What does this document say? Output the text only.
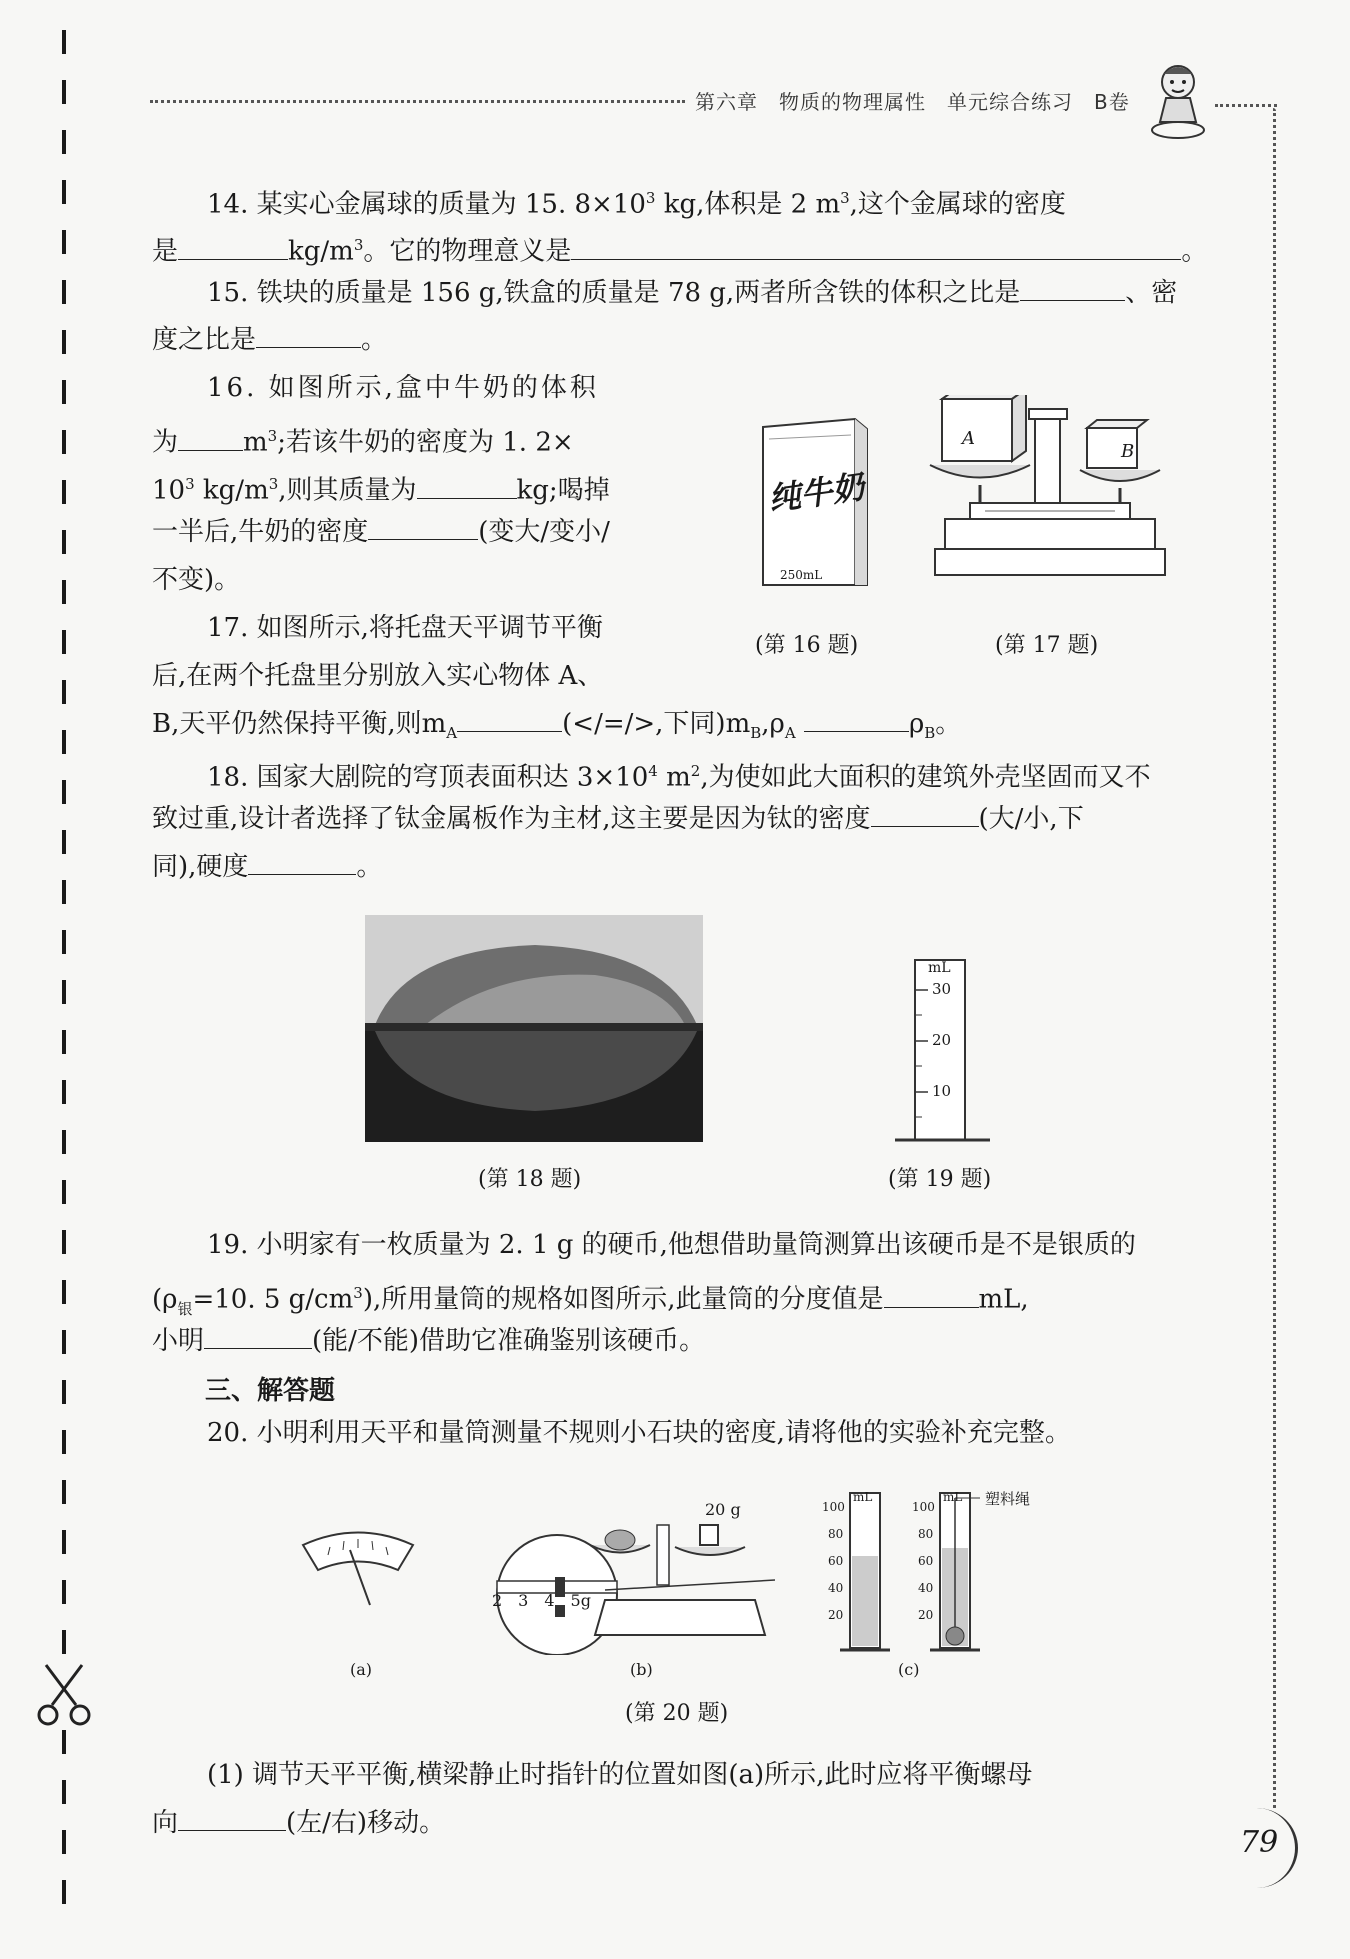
第六章　物质的物理属性　单元综合练习　B卷
14. 某实心金属球的质量为 15. $8\times 10^3$ kg,体积是 2 $m^3$,这个金属球的密度
是	$kg/m^3$。它的物理意义是	。
15. 铁块的质量是 156 g,铁盒的质量是 78 g,两者所含铁的体积之比是	、密
度之比是	。
16. 如图所示,盒中牛奶的体积
为	$m^3$;若该牛奶的密度为 1. 2×
$10^3$ $kg/m^3$,则其质量为	kg;喝掉
一半后,牛奶的密度	(变大/变小/
不变)。
17. 如图所示,将托盘天平调节平衡
后,在两个托盘里分别放入实心物体 A、
B,天平仍然保持平衡,则$m_A$	(</=/>,下同)$m_B,\rho_A$	$\rho_B$。
纯牛奶
250mL
A
B
(第 16 题)	(第 17 题)
18. 国家大剧院的穹顶表面积达 $3\times 10^4$ $m^2$,为使如此大面积的建筑外壳坚固而又不
致过重,设计者选择了钛金属板作为主材,这主要是因为钛的密度	(大/小,下
同),硬度	。
mL
30
20
10
(第 18 题)	(第 19 题)
19. 小明家有一枚质量为 2. 1 g 的硬币,他想借助量筒测算出该硬币是不是银质的
($\rho_银=10$. 5 $g/cm^3$),所用量筒的规格如图所示,此量筒的分度值是	mL,
小明	(能/不能)借助它准确鉴别该硬币。
三、解答题
20. 小明利用天平和量筒测量不规则小石块的密度,请将他的实验补充完整。
(a)
20 g
2　3　4　5g
(b)
mL
100
80
60
40
20
mL
100
80
60
40
20
塑料绳
(c)
(第 20 题)
(1) 调节天平平衡,横梁静止时指针的位置如图(a)所示,此时应将平衡螺母
向	(左/右)移动。
79
